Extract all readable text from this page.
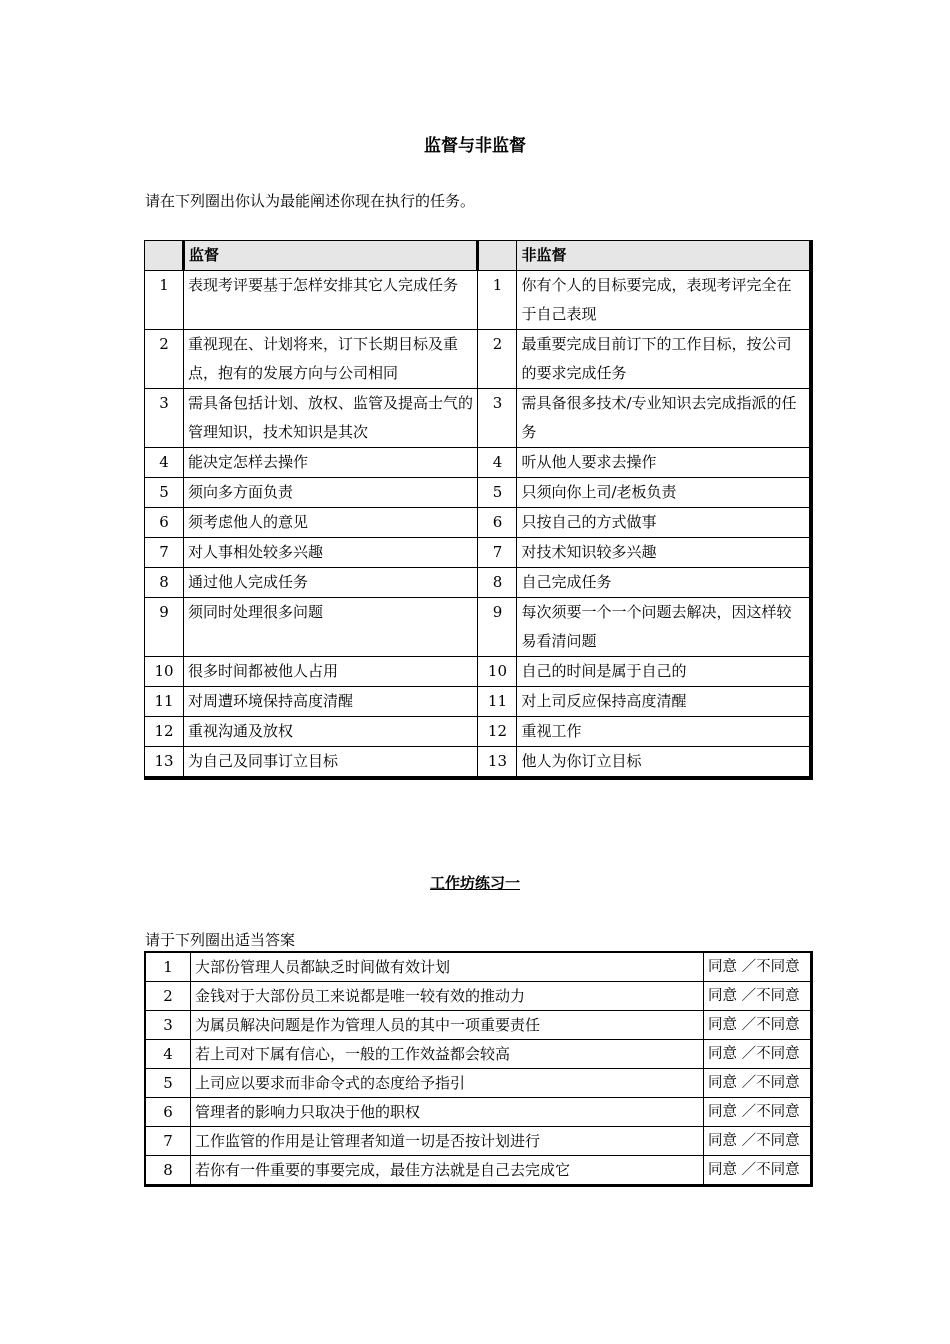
监督与非监督
请在下列圈出你认为最能阐述你现在执行的任务。
	监督		非监督
1	表现考评要基于怎样安排其它人完成任务	1	你有个人的目标要完成，表现考评完全在于自己表现
2	重视现在、计划将来，订下长期目标及重点，抱有的发展方向与公司相同	2	最重要完成目前订下的工作目标，按公司的要求完成任务
3	需具备包括计划、放权、监管及提高士气的管理知识，技术知识是其次	3	需具备很多技术/专业知识去完成指派的任务
4	能决定怎样去操作	4	听从他人要求去操作
5	须向多方面负责	5	只须向你上司/老板负责
6	须考虑他人的意见	6	只按自己的方式做事
7	对人事相处较多兴趣	7	对技术知识较多兴趣
8	通过他人完成任务	8	自己完成任务
9	须同时处理很多问题	9	每次须要一个一个问题去解决，因这样较易看清问题
10	很多时间都被他人占用	10	自己的时间是属于自己的
11	对周遭环境保持高度清醒	11	对上司反应保持高度清醒
12	重视沟通及放权	12	重视工作
13	为自己及同事订立目标	13	他人为你订立目标
工作坊练习一
请于下列圈出适当答案
1	大部份管理人员都缺乏时间做有效计划	同意 ／不同意
2	金钱对于大部份员工来说都是唯一较有效的推动力	同意 ／不同意
3	为属员解决问题是作为管理人员的其中一项重要责任	同意 ／不同意
4	若上司对下属有信心，一般的工作效益都会较高	同意 ／不同意
5	上司应以要求而非命令式的态度给予指引	同意 ／不同意
6	管理者的影响力只取决于他的职权	同意 ／不同意
7	工作监管的作用是让管理者知道一切是否按计划进行	同意 ／不同意
8	若你有一件重要的事要完成，最佳方法就是自己去完成它	同意 ／不同意
